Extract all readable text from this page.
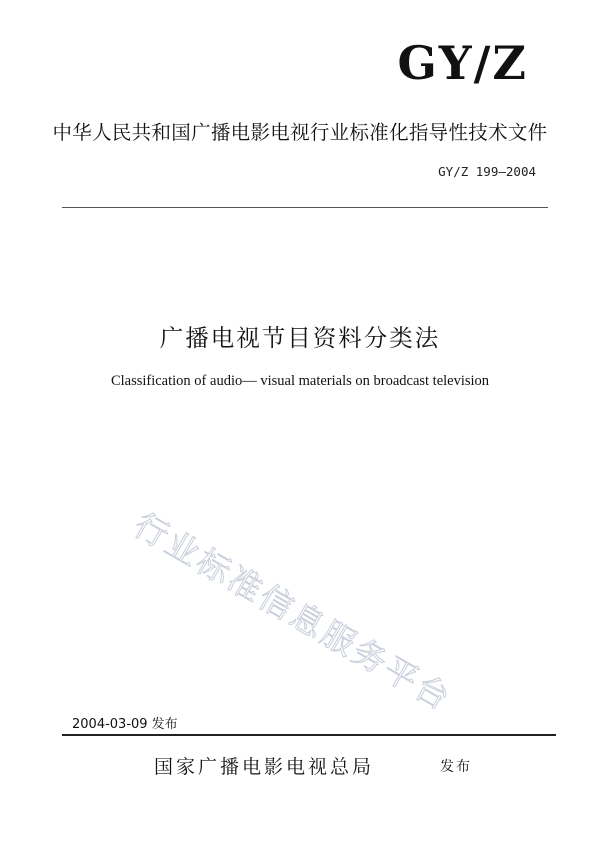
GY/Z
中华人民共和国广播电影电视行业标准化指导性技术文件
GY/Z 199—2004
广播电视节目资料分类法
Classification of audio— visual materials on broadcast television
行业标准信息服务平台
2004-03-09 发布
国家广播电影电视总局	发布
